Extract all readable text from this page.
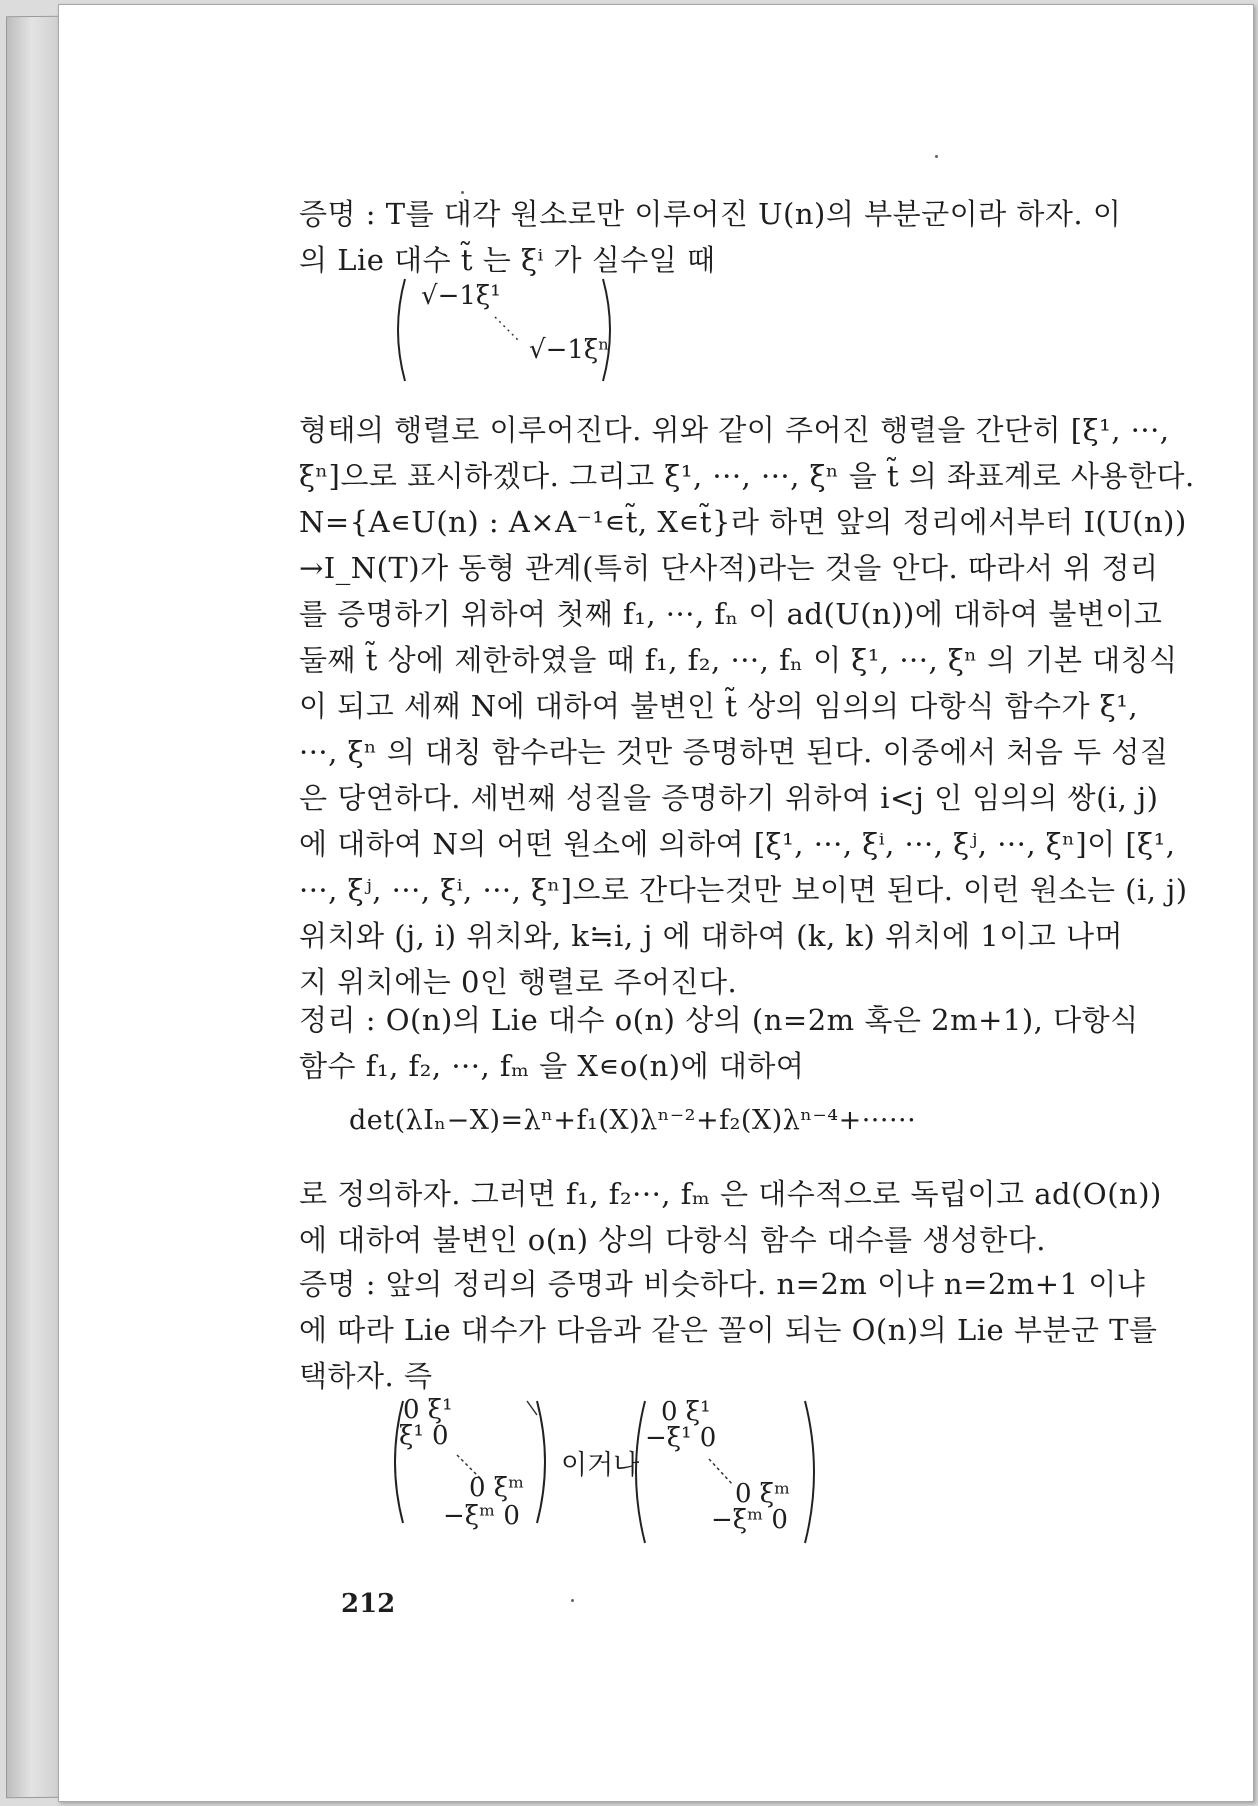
증명 : T를 대각 원소로만 이루어진 U(n)의 부분군이라 하자. 이
의 Lie 대수 t̃ 는 ξⁱ 가 실수일 때
√−1ξ¹
√−1ξⁿ
형태의 행렬로 이루어진다. 위와 같이 주어진 행렬을 간단히 [ξ¹, ···,
ξⁿ]으로 표시하겠다. 그리고 ξ¹, ···, ···, ξⁿ 을 t̃ 의 좌표계로 사용한다.
N={A∊U(n) : A×A⁻¹∊t̃, X∊t̃}라 하면 앞의 정리에서부터 I(U(n))
→I_N(T)가 동형 관계(특히 단사적)라는 것을 안다. 따라서 위 정리
를 증명하기 위하여 첫째 f₁, ···, fₙ 이 ad(U(n))에 대하여 불변이고
둘째 t̃ 상에 제한하였을 때 f₁, f₂, ···, fₙ 이 ξ¹, ···, ξⁿ 의 기본 대칭식
이 되고 세째 N에 대하여 불변인 t̃ 상의 임의의 다항식 함수가 ξ¹,
···, ξⁿ 의 대칭 함수라는 것만 증명하면 된다. 이중에서 처음 두 성질
은 당연하다. 세번째 성질을 증명하기 위하여 i<j 인 임의의 쌍(i, j)
에 대하여 N의 어떤 원소에 의하여 [ξ¹, ···, ξⁱ, ···, ξʲ, ···, ξⁿ]이 [ξ¹,
···, ξʲ, ···, ξⁱ, ···, ξⁿ]으로 간다는것만 보이면 된다. 이런 원소는 (i, j)
위치와 (j, i) 위치와, k≒i, j 에 대하여 (k, k) 위치에 1이고 나머
지 위치에는 0인 행렬로 주어진다.
정리 : O(n)의 Lie 대수 o(n) 상의 (n=2m 혹은 2m+1), 다항식
함수 f₁, f₂, ···, fₘ 을 X∊o(n)에 대하여
det(λIₙ−X)=λⁿ+f₁(X)λⁿ⁻²+f₂(X)λⁿ⁻⁴+······
로 정의하자. 그러면 f₁, f₂···, fₘ 은 대수적으로 독립이고 ad(O(n))
에 대하여 불변인 o(n) 상의 다항식 함수 대수를 생성한다.
증명 : 앞의 정리의 증명과 비슷하다. n=2m 이냐 n=2m+1 이냐
에 따라 Lie 대수가 다음과 같은 꼴이 되는 O(n)의 Lie 부분군 T를
택하자. 즉
0 ξ¹
ξ¹ 0
0 ξᵐ
−ξᵐ 0
이거나
0 ξ¹
−ξ¹ 0
0 ξᵐ
−ξᵐ 0
212
